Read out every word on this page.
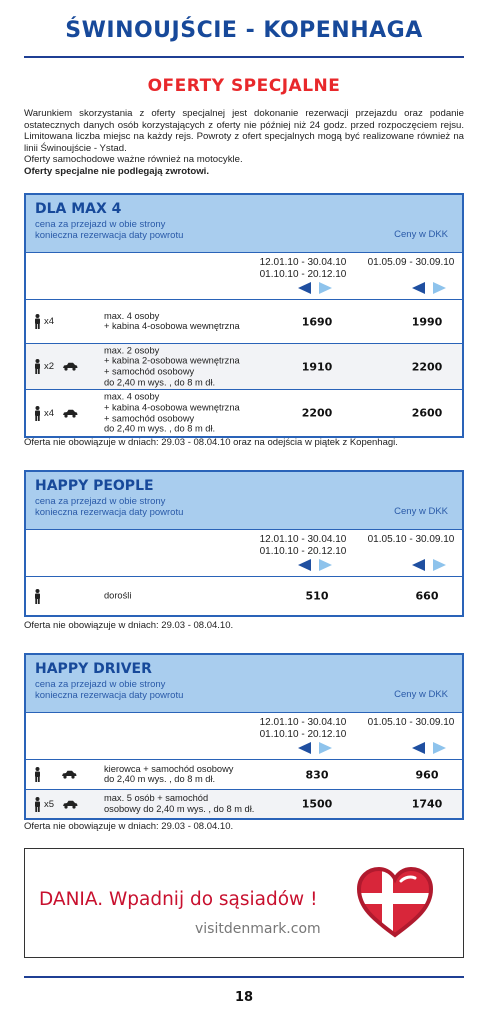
ŚWINOUJŚCIE - KOPENHAGA
OFERTY SPECJALNE

Warunkiem skorzystania z oferty specjalnej jest dokonanie rezerwacji przejazdu oraz podanie ostatecznych danych osób korzystających z oferty nie później niż 24 godz. przed rozpoczęciem rejsu. Limitowana liczba miejsc na każdy rejs. Powroty z ofert specjalnych mogą być realizowane również na linii Świnoujście - Ystad.

Oferty samochodowe ważne również na motocykle.

Oferty specjalne nie podlegają zwrotowi.

DLA MAX 4
cena za przejazd w obie strony
konieczna rezerwacja daty powrotu	Ceny w DKK
12.01.10 - 30.04.10
01.10.10 - 20.12.10
01.05.09 - 30.09.10
x4
max. 4 osoby
+ kabina 4-osobowa wewnętrzna	1690	1990
x2
max. 2 osoby
+ kabina 2-osobowa wewnętrzna
+ samochód osobowy
do 2,40 m wys. , do 8 m dł.
1910	2200
x4
max. 4 osoby
+ kabina 4-osobowa wewnętrzna
+ samochód osobowy
do 2,40 m wys. , do 8 m dł.
2200	2600
Oferta nie obowiązuje w dniach: 29.03 - 08.04.10 oraz na odejścia w piątek z Kopenhagi.
HAPPY PEOPLE
cena za przejazd w obie strony
konieczna rezerwacja daty powrotu	Ceny w DKK
12.01.10 - 30.04.10
01.10.10 - 20.12.10
01.05.10 - 30.09.10
dorośli	510	660
Oferta nie obowiązuje w dniach: 29.03 - 08.04.10.
HAPPY DRIVER
cena za przejazd w obie strony
konieczna rezerwacja daty powrotu	Ceny w DKK
12.01.10 - 30.04.10
01.10.10 - 20.12.10
01.05.10 - 30.09.10
kierowca + samochód osobowy
do 2,40 m wys. , do 8 m dł.	830	960
x5
max. 5 osób + samochód
osobowy do 2,40 m wys. , do 8 m dł.	1500	1740
Oferta nie obowiązuje w dniach: 29.03 - 08.04.10.
DANIA. Wpadnij do sąsiadów !
visitdenmark.com
18
